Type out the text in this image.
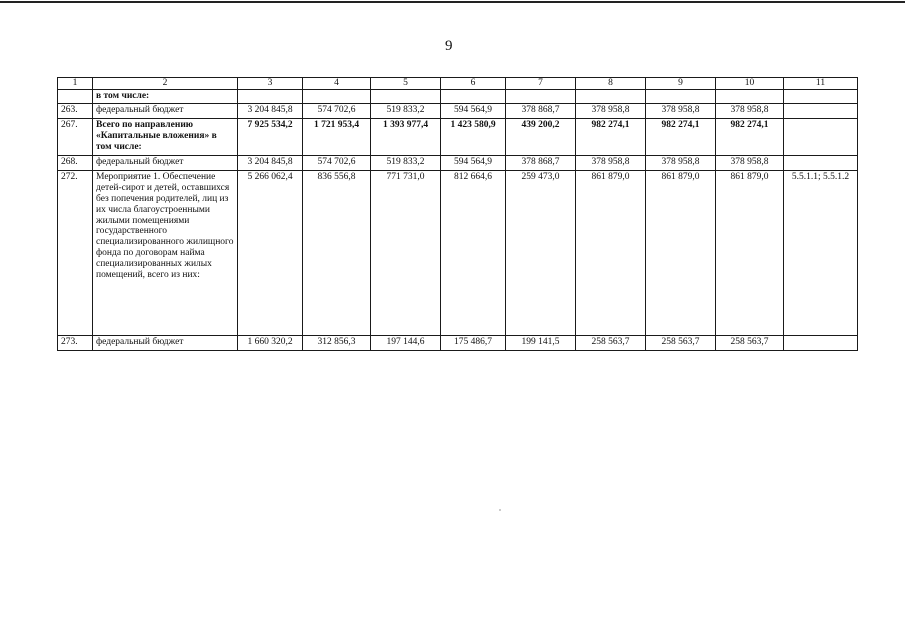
9
1	2	3	4	5	6	7	8	9	10	11
	в том числе:									
263.	федеральный бюджет	3 204 845,8	574 702,6	519 833,2	594 564,9	378 868,7	378 958,8	378 958,8	378 958,8	
267.	Всего по направлению «Капитальные вложения» в том числе:	7 925 534,2	1 721 953,4	1 393 977,4	1 423 580,9	439 200,2	982 274,1	982 274,1	982 274,1	
268.	федеральный бюджет	3 204 845,8	574 702,6	519 833,2	594 564,9	378 868,7	378 958,8	378 958,8	378 958,8	
272.	Мероприятие 1. Обеспечение детей-сирот и детей, оставшихся без попечения родителей, лиц из их числа благоустроенными жилыми помещениями государственного специализированного жилищного фонда по договорам найма специализированных жилых помещений, всего из них:	5 266 062,4	836 556,8	771 731,0	812 664,6	259 473,0	861 879,0	861 879,0	861 879,0	5.5.1.1; 5.5.1.2
273.	федеральный бюджет	1 660 320,2	312 856,3	197 144,6	175 486,7	199 141,5	258 563,7	258 563,7	258 563,7	
